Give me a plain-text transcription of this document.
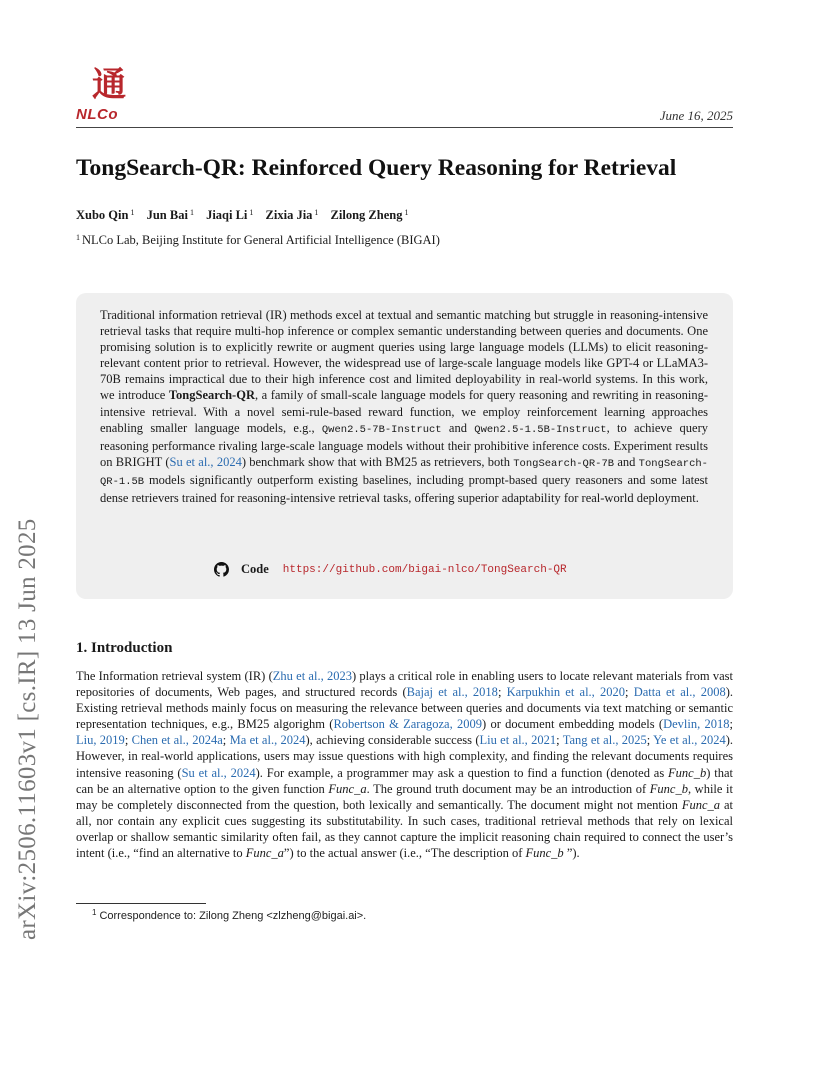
通
NLCo	June 16, 2025
arXiv:2506.11603v1 [cs.IR] 13 Jun 2025
TongSearch-QR: Reinforced Query Reasoning for Retrieval
Xubo Qin $^1$ Jun Bai $^1$ Jiaqi Li $^1$ Zixia Jia $^1$ Zilong Zheng $^1$
$^1$ NLCo Lab, Beijing Institute for General Artificial Intelligence (BIGAI)
Traditional information retrieval (IR) methods excel at textual and semantic matching but struggle in reasoning-intensive retrieval tasks that require multi-hop inference or complex semantic understanding between queries and documents. One promising solution is to explicitly rewrite or augment queries using large language models (LLMs) to elicit reasoning-relevant content prior to retrieval. However, the widespread use of large-scale language models like GPT-4 or LLaMA3-70B remains impractical due to their high inference cost and limited deployability in real-world systems. In this work, we introduce TongSearch-QR, a family of small-scale language models for query reasoning and rewriting in reasoning-intensive retrieval. With a novel semi-rule-based reward function, we employ reinforcement learning approaches enabling smaller language models, e.g., Qwen2.5-7B-Instruct and Qwen2.5-1.5B-Instruct, to achieve query reasoning performance rivaling large-scale language models without their prohibitive inference costs. Experiment results on BRIGHT (Su et al., 2024) benchmark show that with BM25 as retrievers, both TongSearch-QR-7B and TongSearch-QR-1.5B models significantly outperform existing baselines, including prompt-based query reasoners and some latest dense retrievers trained for reasoning-intensive retrieval tasks, offering superior adaptability for real-world deployment.
Code https://github.com/bigai-nlco/TongSearch-QR
1. Introduction
The Information retrieval system (IR) (Zhu et al., 2023) plays a critical role in enabling users to locate relevant materials from vast repositories of documents, Web pages, and structured records (Bajaj et al., 2018; Karpukhin et al., 2020; Datta et al., 2008). Existing retrieval methods mainly focus on measuring the relevance between queries and documents via text matching or semantic representation techniques, e.g., BM25 algorighm (Robertson & Zaragoza, 2009) or document embedding models (Devlin, 2018; Liu, 2019; Chen et al., 2024a; Ma et al., 2024), achieving considerable success (Liu et al., 2021; Tang et al., 2025; Ye et al., 2024). However, in real-world applications, users may issue questions with high complexity, and finding the relevant documents requires intensive reasoning (Su et al., 2024). For example, a programmer may ask a question to find a function (denoted as Func_b) that can be an alternative option to the given function Func_a. The ground truth document may be an introduction of Func_b, while it may be completely disconnected from the question, both lexically and semantically. The document might not mention Func_a at all, nor contain any explicit cues suggesting its substitutability. In such cases, traditional retrieval methods that rely on lexical overlap or shallow semantic similarity often fail, as they cannot capture the implicit reasoning chain required to connect the user’s intent (i.e., “find an alternative to Func_a”) to the actual answer (i.e., “The description of Func_b ”).
$^1$ Correspondence to: Zilong Zheng <zlzheng@bigai.ai>.
